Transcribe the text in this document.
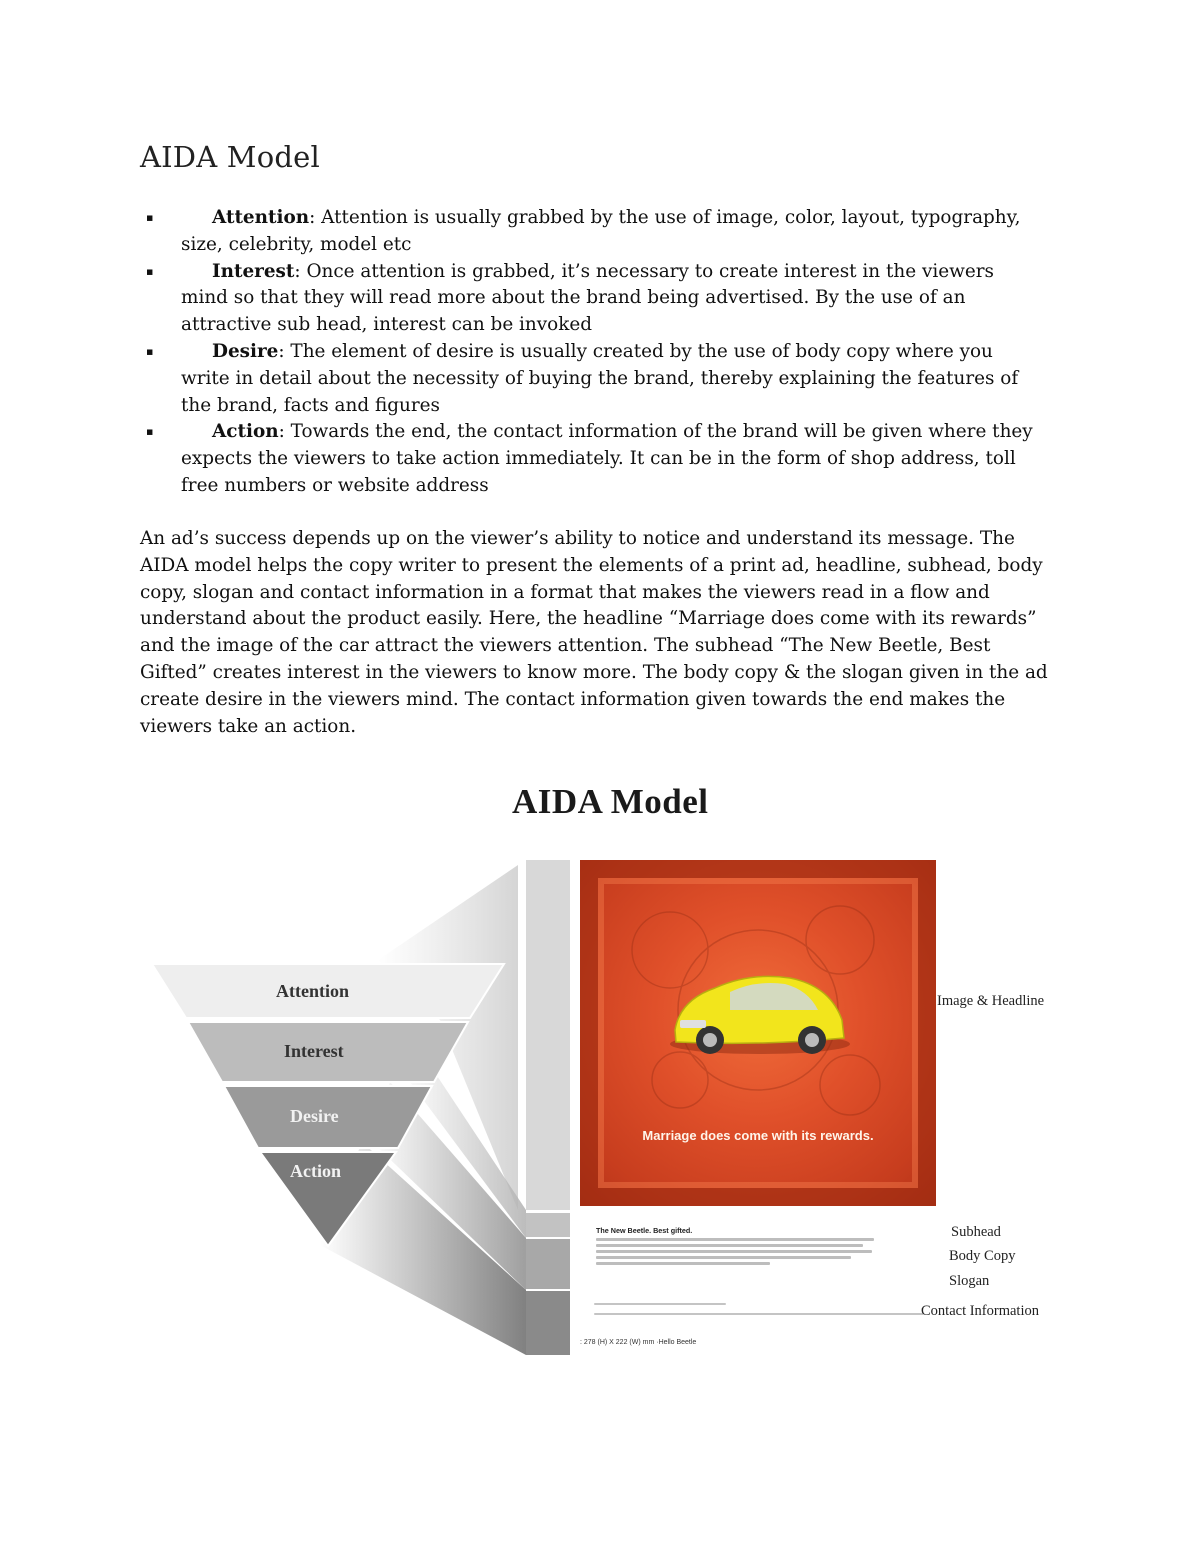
AIDA Model
▪	Attention: Attention is usually grabbed by the use of image, color, layout, typography, size, celebrity, model etc
▪	Interest: Once attention is grabbed, it’s necessary to create interest in the viewers mind so that they will read more about the brand being advertised. By the use of an attractive sub head, interest can be invoked
▪	Desire: The element of desire is usually created by the use of body copy where you write in detail about the necessity of buying the brand, thereby explaining the features of the brand, facts and figures
▪	Action: Towards the end, the contact information of the brand will be given where they expects the viewers to take action immediately. It can be in the form of shop address, toll free numbers or website address

An ad’s success depends up on the viewer’s ability to notice and understand its message. The AIDA model helps the copy writer to present the elements of a print ad, headline, subhead, body copy, slogan and contact information in a format that makes the viewers read in a flow and understand about the product easily. Here, the headline “Marriage does come with its rewards” and the image of the car attract the viewers attention. The subhead “The New Beetle, Best Gifted” creates interest in the viewers to know more. The body copy & the slogan given in the ad create desire in the viewers mind. The contact information given towards the end makes the viewers take an action.

AIDA Model
Attention
Interest
Desire
Action
Marriage does come with its rewards.
The New Beetle. Best gifted.
: 278 (H) X 222 (W) mm ·Hello Beetle
Image & Headline
Subhead
Body Copy
Slogan
Contact Information
